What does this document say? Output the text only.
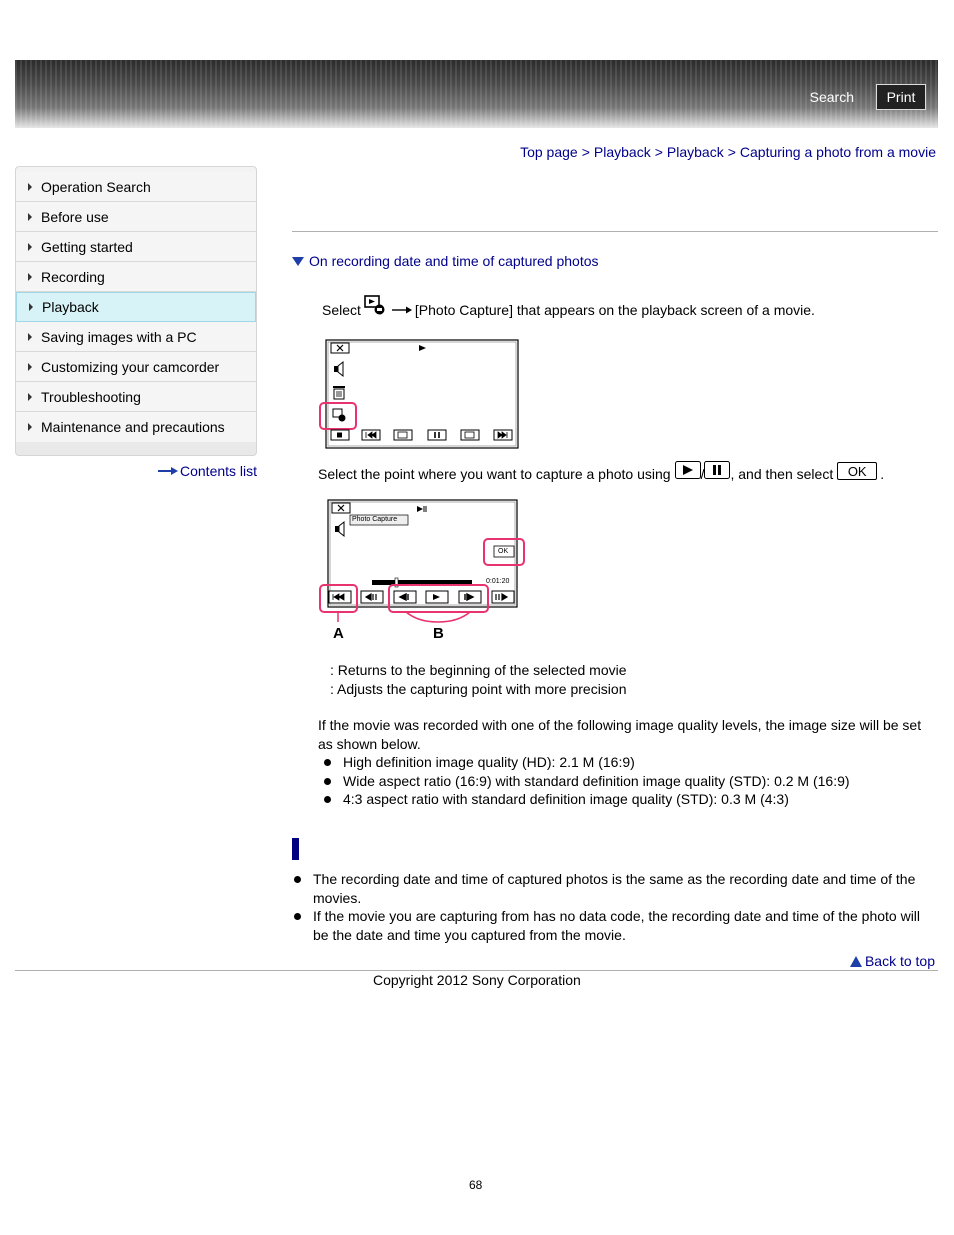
Search	Print
Top page > Playback > Playback > Capturing a photo from a movie
Operation Search
Before use
Getting started
Recording
Playback
Saving images with a PC
Customizing your camcorder
Troubleshooting
Maintenance and precautions
Contents list
On recording date and time of captured photos
Select	[Photo Capture] that appears on the playback screen of a movie.
Select the point where you want to capture a photo using / , and then select	OK .
Photo Capture
OK
0:01:20
A	B
: Returns to the beginning of the selected movie
: Adjusts the capturing point with more precision
If the movie was recorded with one of the following image quality levels, the image size will be set as shown below.
High definition image quality (HD): 2.1 M (16:9)
Wide aspect ratio (16:9) with standard definition image quality (STD): 0.2 M (16:9)
4:3 aspect ratio with standard definition image quality (STD): 0.3 M (4:3)
The recording date and time of captured photos is the same as the recording date and time of the movies.
If the movie you are capturing from has no data code, the recording date and time of the photo will be the date and time you captured from the movie.
Back to top
Copyright 2012 Sony Corporation
68
